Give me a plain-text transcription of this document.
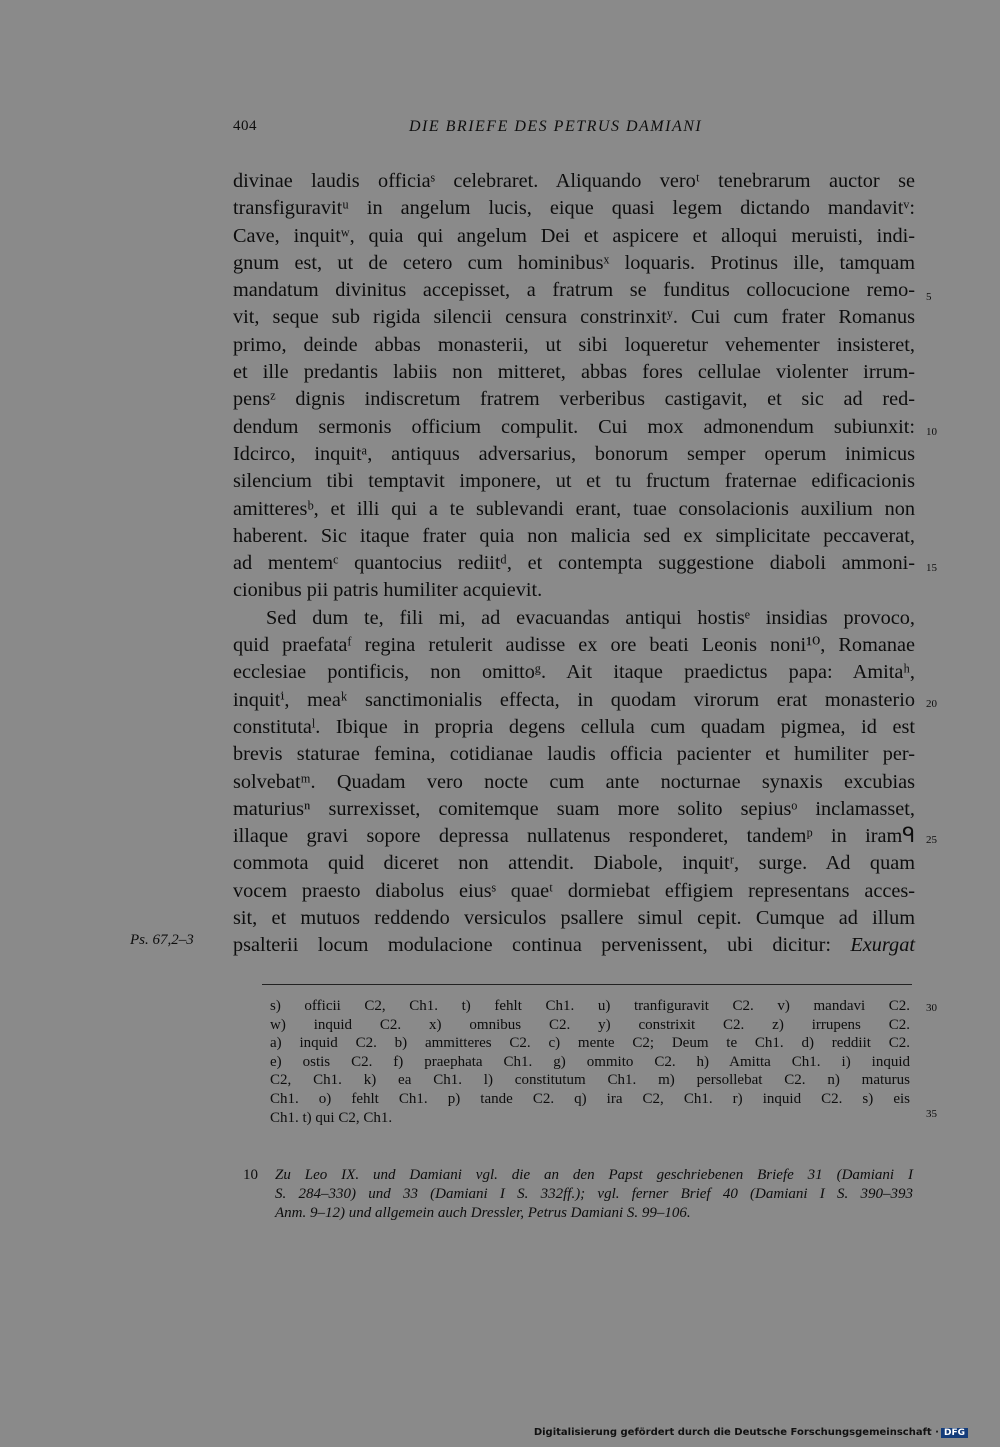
404	DIE BRIEFE DES PETRUS DAMIANI
divinae laudis officiaˢ celebraret. Aliquando veroᵗ tenebrarum auctor se
transfiguravitᵘ in angelum lucis, eique quasi legem dictando mandavitᵛ:
Cave, inquitʷ, quia qui angelum Dei et aspicere et alloqui meruisti, indi-
gnum est, ut de cetero cum hominibusˣ loquaris. Protinus ille, tamquam
mandatum divinitus accepisset, a fratrum se funditus collocucione remo-
vit, seque sub rigida silencii censura constrinxitʸ. Cui cum frater Romanus
primo, deinde abbas monasterii, ut sibi loqueretur vehementer insisteret,
et ille predantis labiis non mitteret, abbas fores cellulae violenter irrum-
pensᶻ dignis indiscretum fratrem verberibus castigavit, et sic ad red-
dendum sermonis officium compulit. Cui mox admonendum subiunxit:
Idcirco, inquitᵃ, antiquus adversarius, bonorum semper operum inimicus
silencium tibi temptavit imponere, ut et tu fructum fraternae edificacionis
amitteresᵇ, et illi qui a te sublevandi erant, tuae consolacionis auxilium non
haberent. Sic itaque frater quia non malicia sed ex simplicitate peccaverat,
ad mentemᶜ quantocius rediitᵈ, et contempta suggestione diaboli ammoni-
cionibus pii patris humiliter acquievit.
Sed dum te, fili mi, ad evacuandas antiqui hostisᵉ insidias provoco,
quid praefataᶠ regina retulerit audisse ex ore beati Leonis noni¹⁰, Romanae
ecclesiae pontificis, non omittoᵍ. Ait itaque praedictus papa: Amitaʰ,
inquitⁱ, meaᵏ sanctimonialis effecta, in quodam virorum erat monasterio
constitutaˡ. Ibique in propria degens cellula cum quadam pigmea, id est
brevis staturae femina, cotidianae laudis officia pacienter et humiliter per-
solvebatᵐ. Quadam vero nocte cum ante nocturnae synaxis excubias
maturiusⁿ surrexisset, comitemque suam more solito sepiusᵒ inclamasset,
illaque gravi sopore depressa nullatenus responderet, tandemᵖ in iramᑫ
commota quid diceret non attendit. Diabole, inquitʳ, surge. Ad quam
vocem praesto diabolus eiusˢ quaeᵗ dormiebat effigiem representans acces-
sit, et mutuos reddendo versiculos psallere simul cepit. Cumque ad illum
psalterii locum modulacione continua pervenissent, ubi dicitur: Exurgat
5
10
15
20
25
30
35
Ps. 67,2–3
s) officii C2, Ch1. t) fehlt Ch1. u) tranfiguravit C2. v) mandavi C2.
w) inquid C2. x) omnibus C2. y) constrixit C2. z) irrupens C2.
a) inquid C2. b) ammitteres C2. c) mente C2; Deum te Ch1. d) reddiit C2.
e) ostis C2. f) praephata Ch1. g) ommito C2. h) Amitta Ch1. i) inquid
C2, Ch1. k) ea Ch1. l) constitutum Ch1. m) persollebat C2. n) maturus
Ch1. o) fehlt Ch1. p) tande C2. q) ira C2, Ch1. r) inquid C2. s) eis
Ch1. t) qui C2, Ch1.
10 Zu Leo IX. und Damiani vgl. die an den Papst geschriebenen Briefe 31 (Damiani I
S. 284–330) und 33 (Damiani I S. 332ff.); vgl. ferner Brief 40 (Damiani I S. 390–393
Anm. 9–12) und allgemein auch Dressler, Petrus Damiani S. 99–106.
Digitalisierung gefördert durch die Deutsche Forschungsgemeinschaft · DFG
